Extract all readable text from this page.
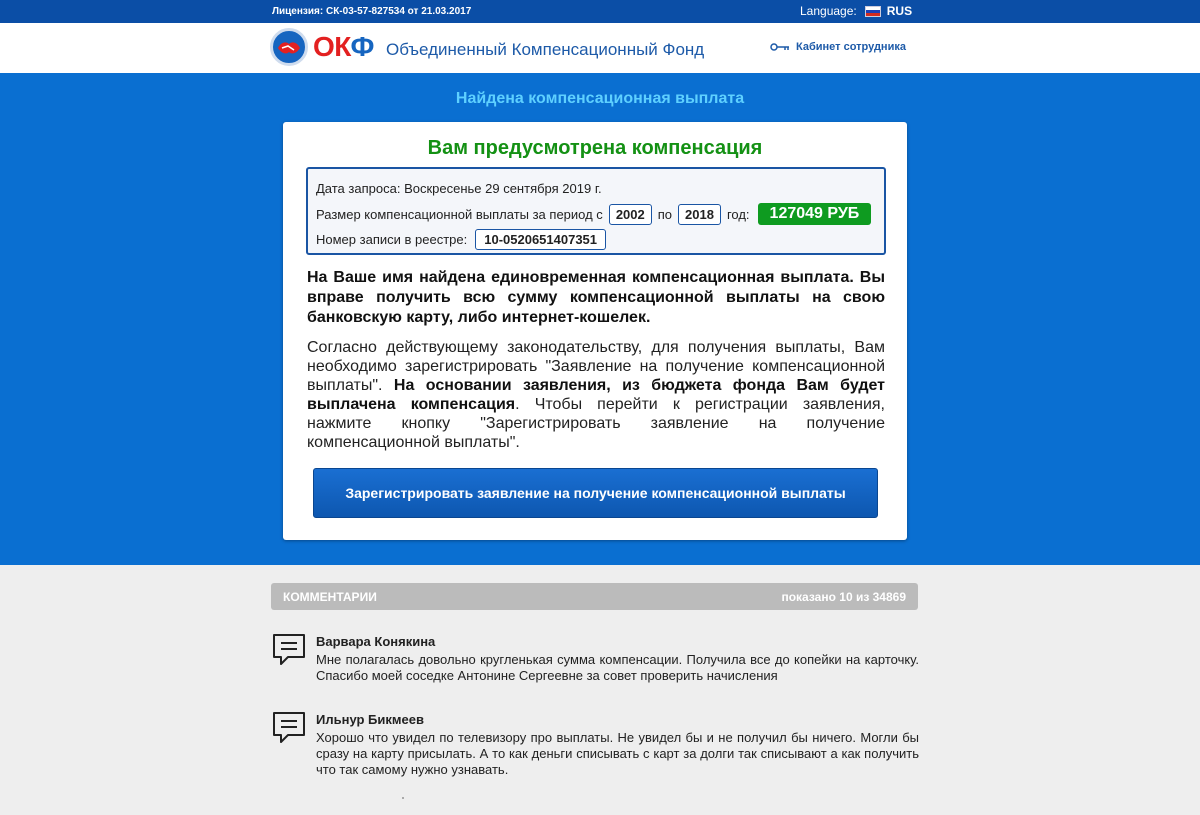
Лицензия: СК-03-57-827534 от 21.03.2017	Language:	RUS
ОКФ Объединенный Компенсационный Фонд	Кабинет сотрудника
Найдена компенсационная выплата
Вам предусмотрена компенсация
Дата запроса:
Воскресенье 29 сентября 2019 г.
Размер компенсационной выплаты за период с	2002	по	2018	год:	127049 РУБ
Номер записи в реестре:	10-0520651407351

На Ваше имя найдена единовременная компенсационная выплата. Вы вправе получить всю сумму компенсационной выплаты на свою банковскую карту, либо интернет-кошелек.

Согласно действующему законодательству, для получения выплаты, Вам необходимо зарегистрировать "Заявление на получение компенсационной выплаты". На основании заявления, из бюджета фонда Вам будет выплачена компенсация. Чтобы перейти к регистрации заявления, нажмите кнопку "Зарегистрировать заявление на получение компенсационной выплаты".

Зарегистрировать заявление на получение компенсационной выплаты
КОММЕНТАРИИ	показано 10 из 34869
Варвара Конякина
Мне полагалась довольно кругленькая сумма компенсации. Получила все до копейки на карточку. Спасибо моей соседке Антонине Сергеевне за совет проверить начисления
Ильнур Бикмеев
Хорошо что увидел по телевизору про выплаты. Не увидел бы и не получил бы ничего. Могли бы сразу на карту присылать. А то как деньги списывать с карт за долги так списывают а как получить что так самому нужно узнавать.
